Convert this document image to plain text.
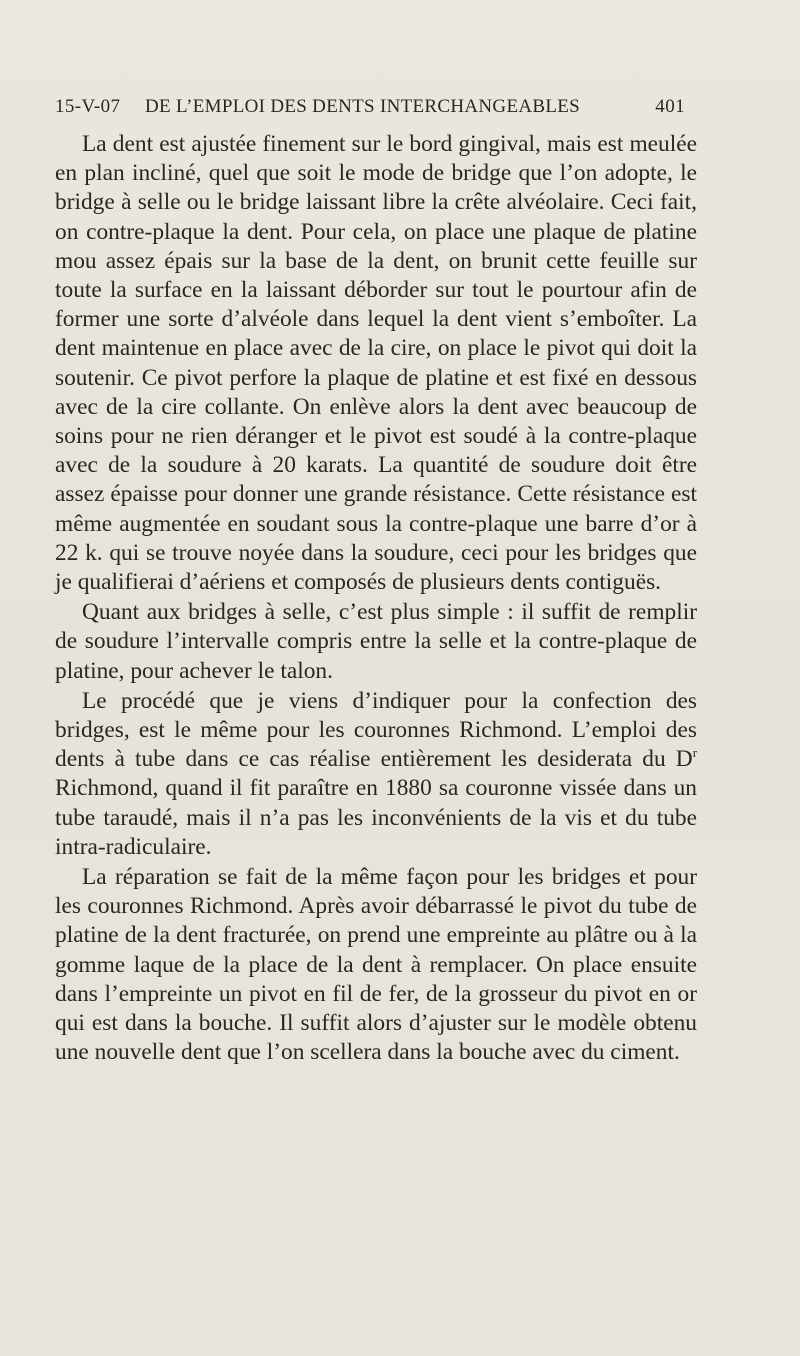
15-V-07 DE L’EMPLOI DES DENTS INTERCHANGEABLES	401

La dent est ajustée finement sur le bord gingival, mais est meulée en plan incliné, quel que soit le mode de bridge que l’on adopte, le bridge à selle ou le bridge laissant libre la crête alvéolaire. Ceci fait, on contre-plaque la dent. Pour cela, on place une plaque de platine mou assez épais sur la base de la dent, on brunit cette feuille sur toute la surface en la laissant déborder sur tout le pourtour afin de former une sorte d’alvéole dans lequel la dent vient s’emboîter. La dent maintenue en place avec de la cire, on place le pivot qui doit la soutenir. Ce pivot perfore la plaque de platine et est fixé en dessous avec de la cire collante. On enlève alors la dent avec beaucoup de soins pour ne rien déranger et le pivot est soudé à la contre-plaque avec de la soudure à 20 karats. La quantité de soudure doit être assez épaisse pour donner une grande résistance. Cette résistance est même augmentée en soudant sous la contre-plaque une barre d’or à 22 k. qui se trouve noyée dans la soudure, ceci pour les bridges que je qualifierai d’aériens et composés de plusieurs dents contiguës.

Quant aux bridges à selle, c’est plus simple : il suffit de remplir de soudure l’intervalle compris entre la selle et la contre-plaque de platine, pour achever le talon.

Le procédé que je viens d’indiquer pour la confection des bridges, est le même pour les couronnes Richmond. L’emploi des dents à tube dans ce cas réalise entièrement les desiderata du $D^r$ Richmond, quand il fit paraître en 1880 sa couronne vissée dans un tube taraudé, mais il n’a pas les inconvénients de la vis et du tube intra-radiculaire.

La réparation se fait de la même façon pour les bridges et pour les couronnes Richmond. Après avoir débarrassé le pivot du tube de platine de la dent fracturée, on prend une empreinte au plâtre ou à la gomme laque de la place de la dent à remplacer. On place ensuite dans l’empreinte un pivot en fil de fer, de la grosseur du pivot en or qui est dans la bouche. Il suffit alors d’ajuster sur le modèle obtenu une nouvelle dent que l’on scellera dans la bouche avec du ciment.
